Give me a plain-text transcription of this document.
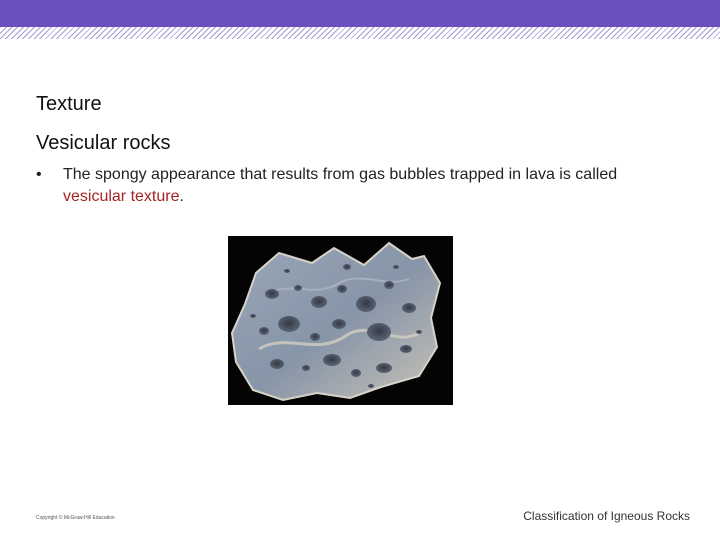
Texture
Vesicular rocks
• The spongy appearance that results from gas bubbles trapped in lava is called vesicular texture.
Copyright © McGraw-Hill Education	Classification of Igneous Rocks
